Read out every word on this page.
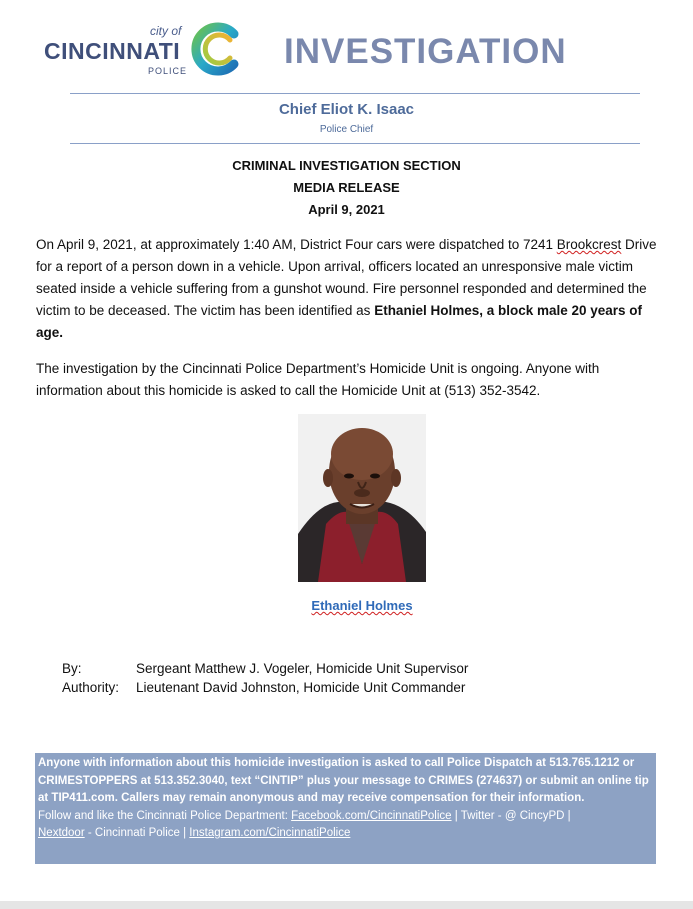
city of
CINCINNATI
POLICE	INVESTIGATION
Chief Eliot K. Isaac
Police Chief
CRIMINAL INVESTIGATION SECTION
MEDIA RELEASE
April 9, 2021
On April 9, 2021, at approximately 1:40 AM, District Four cars were dispatched to 7241 Brookcrest Drive for a report of a person down in a vehicle. Upon arrival, officers located an unresponsive male victim seated inside a vehicle suffering from a gunshot wound. Fire personnel responded and determined the victim to be deceased. The victim has been identified as Ethaniel Holmes, a block male 20 years of age.
The investigation by the Cincinnati Police Department’s Homicide Unit is ongoing. Anyone with information about this homicide is asked to call the Homicide Unit at (513) 352-3542.
Ethaniel Holmes
By:	Sergeant Matthew J. Vogeler, Homicide Unit Supervisor
Authority: Lieutenant David Johnston, Homicide Unit Commander
Anyone with information about this homicide investigation is asked to call Police Dispatch at 513.765.1212 or CRIMESTOPPERS at 513.352.3040, text “CINTIP” plus your message to CRIMES (274637) or submit an online tip at TIP411.com. Callers may remain anonymous and may receive compensation for their information.
Follow and like the Cincinnati Police Department: Facebook.com/CincinnatiPolice | Twitter - @ CincyPD |
Nextdoor - Cincinnati Police | Instagram.com/CincinnatiPolice
